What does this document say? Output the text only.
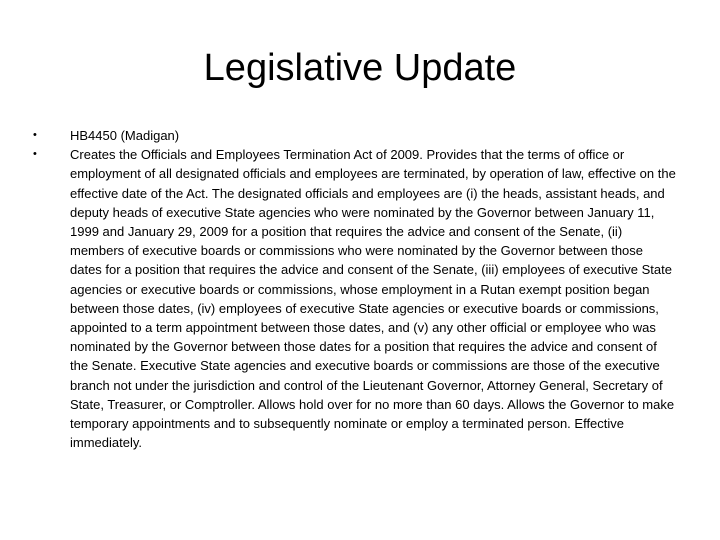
Legislative Update
•	HB4450 (Madigan)
•	Creates the Officials and Employees Termination Act of 2009. Provides that the terms of office or employment of all designated officials and employees are terminated, by operation of law, effective on the effective date of the Act. The designated officials and employees are (i) the heads, assistant heads, and deputy heads of executive State agencies who were nominated by the Governor between January 11, 1999 and January 29, 2009 for a position that requires the advice and consent of the Senate, (ii) members of executive boards or commissions who were nominated by the Governor between those dates for a position that requires the advice and consent of the Senate, (iii) employees of executive State agencies or executive boards or commissions, whose employment in a Rutan exempt position began between those dates, (iv) employees of executive State agencies or executive boards or commissions, appointed to a term appointment between those dates, and (v) any other official or employee who was nominated by the Governor between those dates for a position that requires the advice and consent of the Senate. Executive State agencies and executive boards or commissions are those of the executive branch not under the jurisdiction and control of the Lieutenant Governor, Attorney General, Secretary of State, Treasurer, or Comptroller. Allows hold over for no more than 60 days. Allows the Governor to make temporary appointments and to subsequently nominate or employ a terminated person. Effective immediately.
